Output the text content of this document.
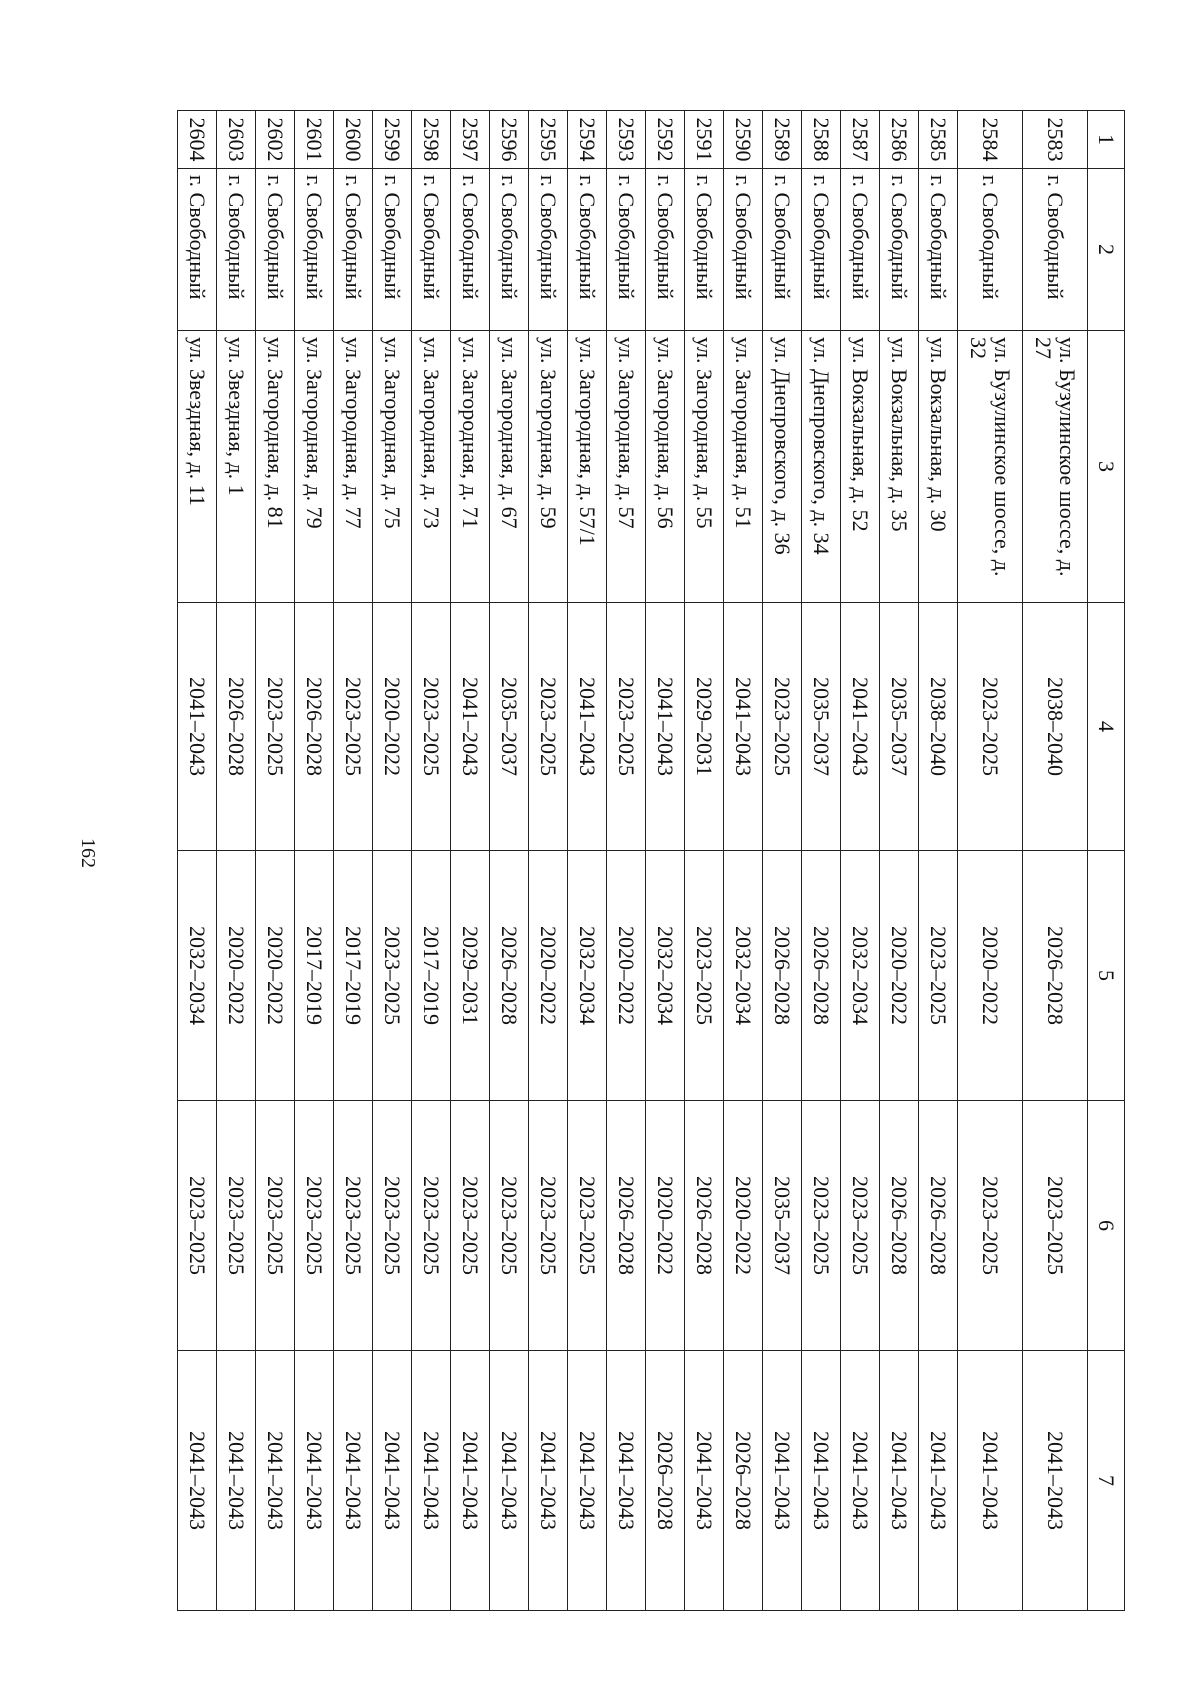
162
1	2	3	4	5	6	7
2583	г. Свободный	ул. Бузулинское шоссе, д. 27	2038–2040	2026–2028	2023–2025	2041–2043
2584	г. Свободный	ул. Бузулинское шоссе, д. 32	2023–2025	2020–2022	2023–2025	2041–2043
2585	г. Свободный	ул. Вокзальная, д. 30	2038–2040	2023–2025	2026–2028	2041–2043
2586	г. Свободный	ул. Вокзальная, д. 35	2035–2037	2020–2022	2026–2028	2041–2043
2587	г. Свободный	ул. Вокзальная, д. 52	2041–2043	2032–2034	2023–2025	2041–2043
2588	г. Свободный	ул. Днепровского, д. 34	2035–2037	2026–2028	2023–2025	2041–2043
2589	г. Свободный	ул. Днепровского, д. 36	2023–2025	2026–2028	2035–2037	2041–2043
2590	г. Свободный	ул. Загородная, д. 51	2041–2043	2032–2034	2020–2022	2026–2028
2591	г. Свободный	ул. Загородная, д. 55	2029–2031	2023–2025	2026–2028	2041–2043
2592	г. Свободный	ул. Загородная, д. 56	2041–2043	2032–2034	2020–2022	2026–2028
2593	г. Свободный	ул. Загородная, д. 57	2023–2025	2020–2022	2026–2028	2041–2043
2594	г. Свободный	ул. Загородная, д. 57/1	2041–2043	2032–2034	2023–2025	2041–2043
2595	г. Свободный	ул. Загородная, д. 59	2023–2025	2020–2022	2023–2025	2041–2043
2596	г. Свободный	ул. Загородная, д. 67	2035–2037	2026–2028	2023–2025	2041–2043
2597	г. Свободный	ул. Загородная, д. 71	2041–2043	2029–2031	2023–2025	2041–2043
2598	г. Свободный	ул. Загородная, д. 73	2023–2025	2017–2019	2023–2025	2041–2043
2599	г. Свободный	ул. Загородная, д. 75	2020–2022	2023–2025	2023–2025	2041–2043
2600	г. Свободный	ул. Загородная, д. 77	2023–2025	2017–2019	2023–2025	2041–2043
2601	г. Свободный	ул. Загородная, д. 79	2026–2028	2017–2019	2023–2025	2041–2043
2602	г. Свободный	ул. Загородная, д. 81	2023–2025	2020–2022	2023–2025	2041–2043
2603	г. Свободный	ул. Звездная, д. 1	2026–2028	2020–2022	2023–2025	2041–2043
2604	г. Свободный	ул. Звездная, д. 11	2041–2043	2032–2034	2023–2025	2041–2043
